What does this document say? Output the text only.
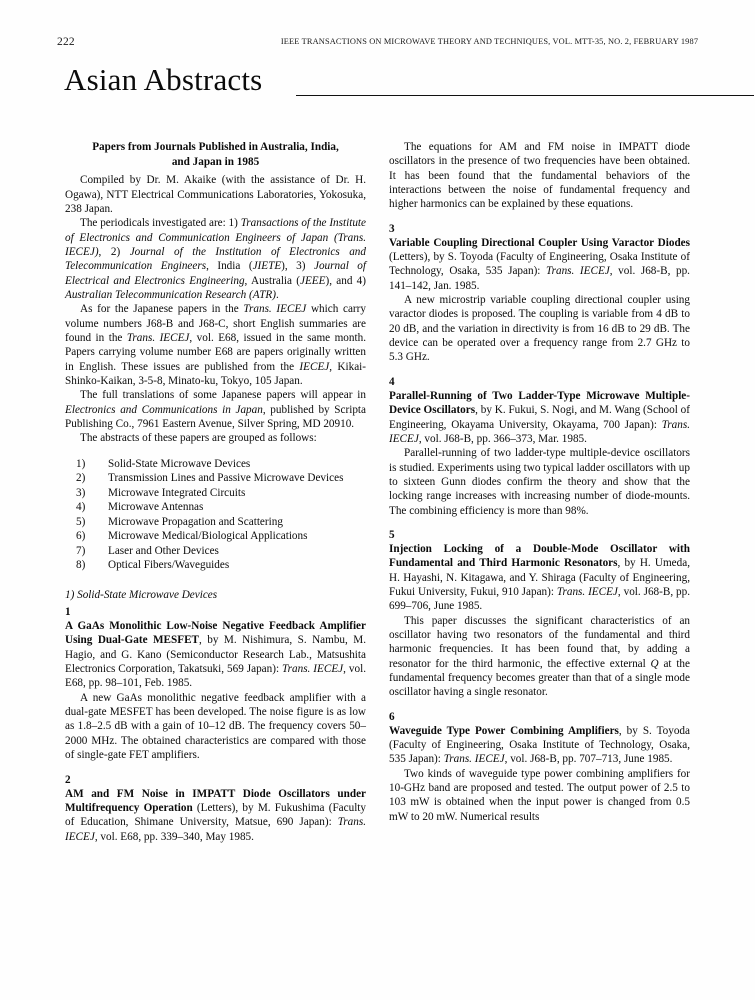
222	IEEE TRANSACTIONS ON MICROWAVE THEORY AND TECHNIQUES, VOL. MTT-35, NO. 2, FEBRUARY 1987
Asian Abstracts

Papers from Journals Published in Australia, India,

and Japan in 1985

Compiled by Dr. M. Akaike (with the assistance of Dr. H. Ogawa), NTT Electrical Communications Laboratories, Yokosuka, 238 Japan.

The periodicals investigated are: 1) Transactions of the Institute of Electronics and Communication Engineers of Japan (Trans. IECEJ), 2) Journal of the Institution of Electronics and Telecommunication Engineers, India (JIETE), 3) Journal of Electrical and Electronics Engineering, Australia (JEEE), and 4) Australian Telecommunication Research (ATR).

As for the Japanese papers in the Trans. IECEJ which carry volume numbers J68-B and J68-C, short English summaries are found in the Trans. IECEJ, vol. E68, issued in the same month. Papers carrying volume number E68 are papers originally written in English. These issues are published from the IECEJ, Kikai-Shinko-Kaikan, 3-5-8, Minato-ku, Tokyo, 105 Japan.

The full translations of some Japanese papers will appear in Electronics and Communications in Japan, published by Scripta Publishing Co., 7961 Eastern Avenue, Silver Spring, MD 20910.

The abstracts of these papers are grouped as follows:

1) Solid-State Microwave Devices
2) Transmission Lines and Passive Microwave Devices
3) Microwave Integrated Circuits
4) Microwave Antennas
5) Microwave Propagation and Scattering
6) Microwave Medical/Biological Applications
7) Laser and Other Devices
8) Optical Fibers/Waveguides

1) Solid-State Microwave Devices

1

A GaAs Monolithic Low-Noise Negative Feedback Amplifier Using Dual-Gate MESFET, by M. Nishimura, S. Nambu, M. Hagio, and G. Kano (Semiconductor Research Lab., Matsushita Electronics Corporation, Takatsuki, 569 Japan): Trans. IECEJ, vol. E68, pp. 98–101, Feb. 1985.

A new GaAs monolithic negative feedback amplifier with a dual-gate MESFET has been developed. The noise figure is as low as 1.8–2.5 dB with a gain of 10–12 dB. The frequency covers 50–2000 MHz. The obtained characteristics are compared with those of single-gate FET amplifiers.

2

AM and FM Noise in IMPATT Diode Oscillators under Multifrequency Operation (Letters), by M. Fukushima (Faculty of Education, Shimane University, Matsue, 690 Japan): Trans. IECEJ, vol. E68, pp. 339–340, May 1985.

The equations for AM and FM noise in IMPATT diode oscillators in the presence of two frequencies have been obtained. It has been found that the fundamental behaviors of the interactions between the noise of fundamental frequency and higher harmonics can be explained by these equations.

3

Variable Coupling Directional Coupler Using Varactor Diodes (Letters), by S. Toyoda (Faculty of Engineering, Osaka Institute of Technology, Osaka, 535 Japan): Trans. IECEJ, vol. J68-B, pp. 141–142, Jan. 1985.

A new microstrip variable coupling directional coupler using varactor diodes is proposed. The coupling is variable from 4 dB to 20 dB, and the variation in directivity is from 16 dB to 29 dB. The device can be operated over a frequency range from 2.7 GHz to 5.3 GHz.

4

Parallel-Running of Two Ladder-Type Microwave Multiple-Device Oscillators, by K. Fukui, S. Nogi, and M. Wang (School of Engineering, Okayama University, Okayama, 700 Japan): Trans. IECEJ, vol. J68-B, pp. 366–373, Mar. 1985.

Parallel-running of two ladder-type multiple-device oscillators is studied. Experiments using two typical ladder oscillators with up to sixteen Gunn diodes confirm the theory and show that the locking range increases with increasing number of diode-mounts. The combining efficiency is more than 98%.

5

Injection Locking of a Double-Mode Oscillator with Fundamental and Third Harmonic Resonators, by H. Umeda, H. Hayashi, N. Kitagawa, and Y. Shiraga (Faculty of Engineering, Fukui University, Fukui, 910 Japan): Trans. IECEJ, vol. J68-B, pp. 699–706, June 1985.

This paper discusses the significant characteristics of an oscillator having two resonators of the fundamental and third harmonic frequencies. It has been found that, by adding a resonator for the third harmonic, the effective external Q at the fundamental frequency becomes greater than that of a single mode oscillator having a single resonator.

6

Waveguide Type Power Combining Amplifiers, by S. Toyoda (Faculty of Engineering, Osaka Institute of Technology, Osaka, 535 Japan): Trans. IECEJ, vol. J68-B, pp. 707–713, June 1985.

Two kinds of waveguide type power combining amplifiers for 10-GHz band are proposed and tested. The output power of 2.5 to 103 mW is obtained when the input power is changed from 0.5 mW to 20 mW. Numerical results
